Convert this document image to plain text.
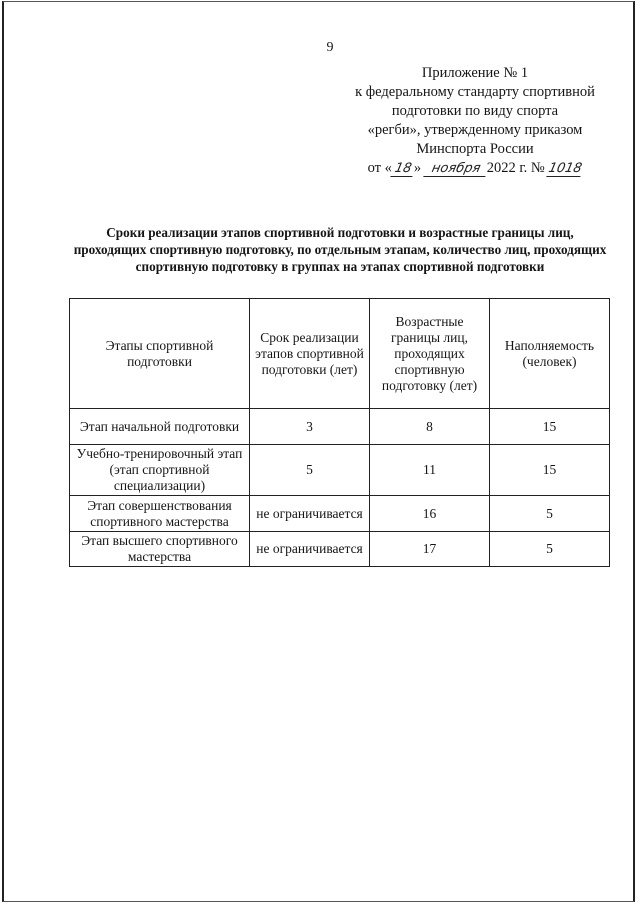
9
Приложение № 1
к федеральному стандарту спортивной
подготовки по виду спорта
«регби», утвержденному приказом
Минспорта России
от «18» ноября 2022 г. № 1018
Сроки реализации этапов спортивной подготовки и возрастные границы лиц, проходящих спортивную подготовку, по отдельным этапам, количество лиц, проходящих спортивную подготовку в группах на этапах спортивной подготовки
Этапы спортивной подготовки	Срок реализации этапов спортивной подготовки (лет)	Возрастные границы лиц, проходящих спортивную подготовку (лет)	Наполняемость (человек)
Этап начальной подготовки	3	8	15
Учебно-тренировочный этап (этап спортивной специализации)	5	11	15
Этап совершенствования спортивного мастерства	не ограничивается	16	5
Этап высшего спортивного мастерства	не ограничивается	17	5
